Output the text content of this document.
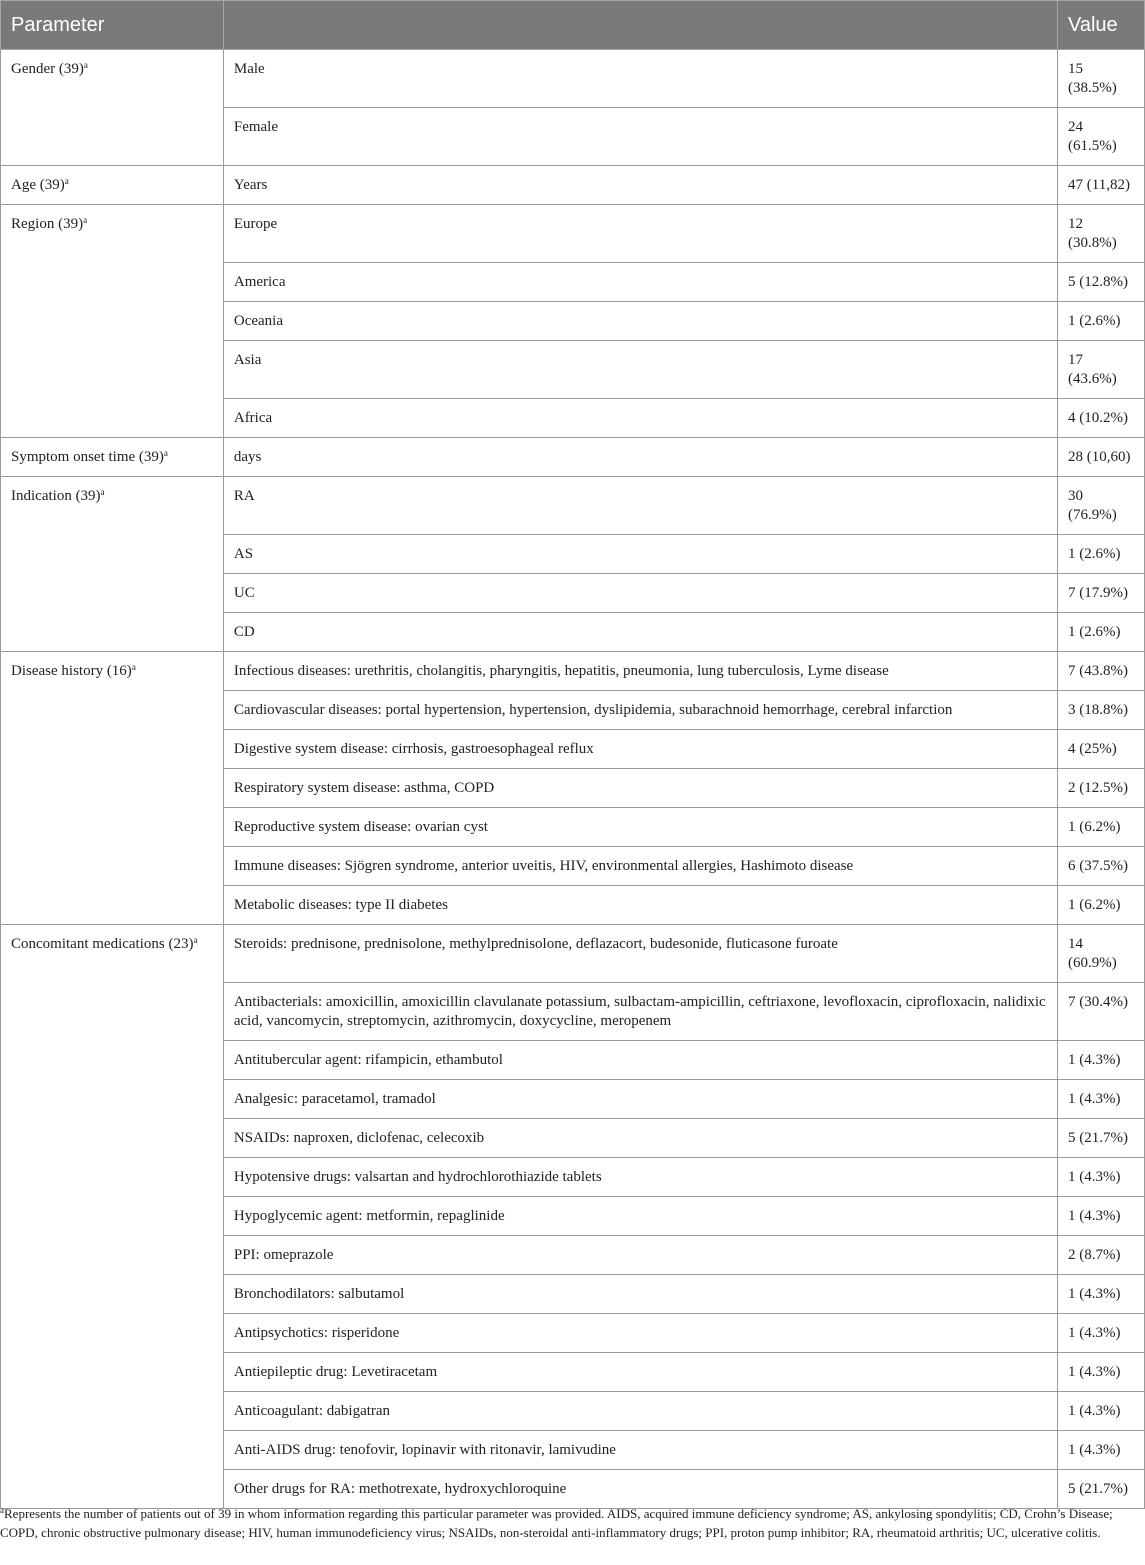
Parameter		Value
Gender $(39)^a$	Male	15 (38.5%)
	Female	24 (61.5%)
Age $(39)^a$	Years	47 (11,82)
Region $(39)^a$	Europe	12 (30.8%)
	America	5 (12.8%)
	Oceania	1 (2.6%)
	Asia	17 (43.6%)
	Africa	4 (10.2%)
Symptom onset time $(39)^a$	days	28 (10,60)
Indication $(39)^a$	RA	30 (76.9%)
	AS	1 (2.6%)
	UC	7 (17.9%)
	CD	1 (2.6%)
Disease history $(16)^a$	Infectious diseases: urethritis, cholangitis, pharyngitis, hepatitis, pneumonia, lung tuberculosis, Lyme disease	7 (43.8%)
	Cardiovascular diseases: portal hypertension, hypertension, dyslipidemia, subarachnoid hemorrhage, cerebral infarction	3 (18.8%)
	Digestive system disease: cirrhosis, gastroesophageal reflux	4 (25%)
	Respiratory system disease: asthma, COPD	2 (12.5%)
	Reproductive system disease: ovarian cyst	1 (6.2%)
	Immune diseases: Sjögren syndrome, anterior uveitis, HIV, environmental allergies, Hashimoto disease	6 (37.5%)
	Metabolic diseases: type II diabetes	1 (6.2%)
Concomitant medications $(23)^a$	Steroids: prednisone, prednisolone, methylprednisolone, deflazacort, budesonide, fluticasone furoate	14 (60.9%)
	Antibacterials: amoxicillin, amoxicillin clavulanate potassium, sulbactam-ampicillin, ceftriaxone, levofloxacin, ciprofloxacin, nalidixic acid, vancomycin, streptomycin, azithromycin, doxycycline, meropenem	7 (30.4%)
	Antitubercular agent: rifampicin, ethambutol	1 (4.3%)
	Analgesic: paracetamol, tramadol	1 (4.3%)
	NSAIDs: naproxen, diclofenac, celecoxib	5 (21.7%)
	Hypotensive drugs: valsartan and hydrochlorothiazide tablets	1 (4.3%)
	Hypoglycemic agent: metformin, repaglinide	1 (4.3%)
	PPI: omeprazole	2 (8.7%)
	Bronchodilators: salbutamol	1 (4.3%)
	Antipsychotics: risperidone	1 (4.3%)
	Antiepileptic drug: Levetiracetam	1 (4.3%)
	Anticoagulant: dabigatran	1 (4.3%)
	Anti-AIDS drug: tenofovir, lopinavir with ritonavir, lamivudine	1 (4.3%)
	Other drugs for RA: methotrexate, hydroxychloroquine	5 (21.7%)
$^a$Represents the number of patients out of 39 in whom information regarding this particular parameter was provided. AIDS, acquired immune deficiency syndrome; AS, ankylosing spondylitis; CD, Crohn’s Disease; COPD, chronic obstructive pulmonary disease; HIV, human immunodeficiency virus; NSAIDs, non-steroidal anti-inflammatory drugs; PPI, proton pump inhibitor; RA, rheumatoid arthritis; UC, ulcerative colitis.
